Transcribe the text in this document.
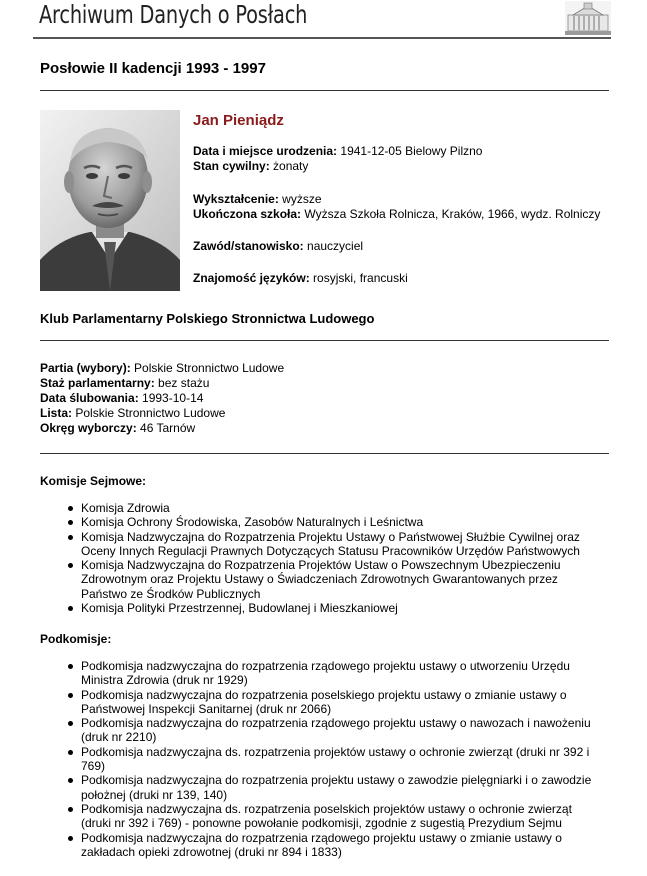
Archiwum Danych o Posłach
Posłowie II kadencji 1993 - 1997
Jan Pieniądz
Data i miejsce urodzenia: 1941-12-05 Bielowy Pilzno
Stan cywilny: żonaty
Wykształcenie: wyższe
Ukończona szkoła: Wyższa Szkoła Rolnicza, Kraków, 1966, wydz. Rolniczy
Zawód/stanowisko: nauczyciel
Znajomość języków: rosyjski, francuski
Klub Parlamentarny Polskiego Stronnictwa Ludowego
Partia (wybory): Polskie Stronnictwo Ludowe
Staż parlamentarny: bez stażu
Data ślubowania: 1993-10-14
Lista: Polskie Stronnictwo Ludowe
Okręg wyborczy: 46 Tarnów
Komisje Sejmowe:
Komisja Zdrowia
Komisja Ochrony Środowiska, Zasobów Naturalnych i Leśnictwa
Komisja Nadzwyczajna do Rozpatrzenia Projektu Ustawy o Państwowej Służbie Cywilnej oraz Oceny Innych Regulacji Prawnych Dotyczących Statusu Pracowników Urzędów Państwowych
Komisja Nadzwyczajna do Rozpatrzenia Projektów Ustaw o Powszechnym Ubezpieczeniu Zdrowotnym oraz Projektu Ustawy o Świadczeniach Zdrowotnych Gwarantowanych przez Państwo ze Środków Publicznych
Komisja Polityki Przestrzennej, Budowlanej i Mieszkaniowej
Podkomisje:
Podkomisja nadzwyczajna do rozpatrzenia rządowego projektu ustawy o utworzeniu Urzędu Ministra Zdrowia (druk nr 1929)
Podkomisja nadzwyczajna do rozpatrzenia poselskiego projektu ustawy o zmianie ustawy o Państwowej Inspekcji Sanitarnej (druk nr 2066)
Podkomisja nadzwyczajna do rozpatrzenia rządowego projektu ustawy o nawozach i nawożeniu (druk nr 2210)
Podkomisja nadzwyczajna ds. rozpatrzenia projektów ustawy o ochronie zwierząt (druki nr 392 i 769)
Podkomisja nadzwyczajna do rozpatrzenia projektu ustawy o zawodzie pielęgniarki i o zawodzie położnej (druki nr 139, 140)
Podkomisja nadzwyczajna ds. rozpatrzenia poselskich projektów ustawy o ochronie zwierząt (druki nr 392 i 769) - ponowne powołanie podkomisji, zgodnie z sugestią Prezydium Sejmu
Podkomisja nadzwyczajna do rozpatrzenia rządowego projektu ustawy o zmianie ustawy o zakładach opieki zdrowotnej (druki nr 894 i 1833)
